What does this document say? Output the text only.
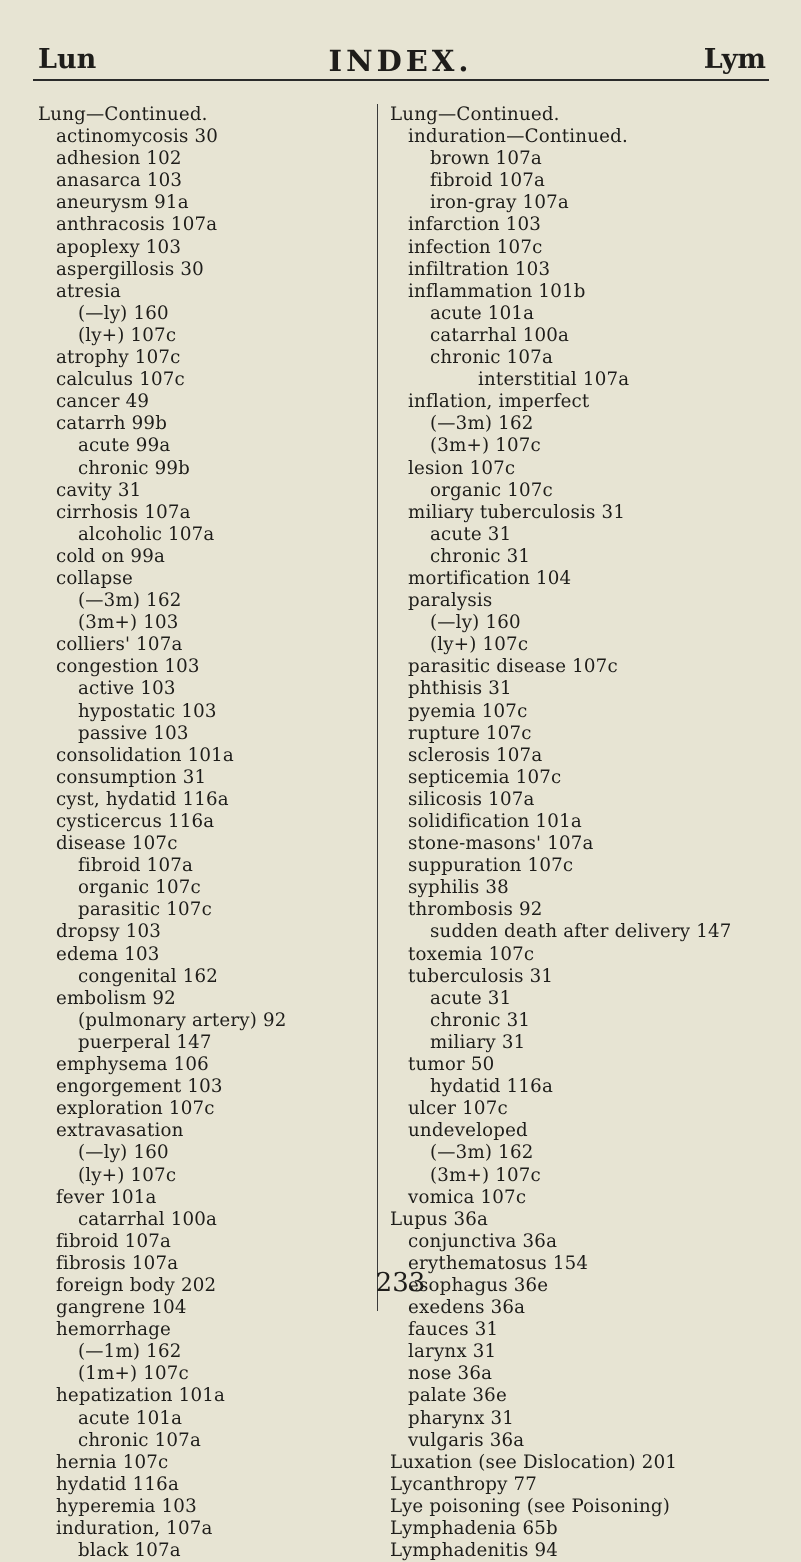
Lun	INDEX.	Lym
Lung—Continued.
actinomycosis 30
adhesion 102
anasarca 103
aneurysm 91a
anthracosis 107a
apoplexy 103
aspergillosis 30
atresia
(—ly) 160
(ly+) 107c
atrophy 107c
calculus 107c
cancer 49
catarrh 99b
acute 99a
chronic 99b
cavity 31
cirrhosis 107a
alcoholic 107a
cold on 99a
collapse
(—3m) 162
(3m+) 103
colliers' 107a
congestion 103
active 103
hypostatic 103
passive 103
consolidation 101a
consumption 31
cyst, hydatid 116a
cysticercus 116a
disease 107c
fibroid 107a
organic 107c
parasitic 107c
dropsy 103
edema 103
congenital 162
embolism 92
(pulmonary artery) 92
puerperal 147
emphysema 106
engorgement 103
exploration 107c
extravasation
(—ly) 160
(ly+) 107c
fever 101a
catarrhal 100a
fibroid 107a
fibrosis 107a
foreign body 202
gangrene 104
hemorrhage
(—1m) 162
(1m+) 107c
hepatization 101a
acute 101a
chronic 107a
hernia 107c
hydatid 116a
hyperemia 103
induration, 107a
black 107a
Lung—Continued.
induration—Continued.
brown 107a
fibroid 107a
iron-gray 107a
infarction 103
infection 107c
infiltration 103
inflammation 101b
acute 101a
catarrhal 100a
chronic 107a
interstitial 107a
inflation, imperfect
(—3m) 162
(3m+) 107c
lesion 107c
organic 107c
miliary tuberculosis 31
acute 31
chronic 31
mortification 104
paralysis
(—ly) 160
(ly+) 107c
parasitic disease 107c
phthisis 31
pyemia 107c
rupture 107c
sclerosis 107a
septicemia 107c
silicosis 107a
solidification 101a
stone-masons' 107a
suppuration 107c
syphilis 38
thrombosis 92
sudden death after delivery 147
toxemia 107c
tuberculosis 31
acute 31
chronic 31
miliary 31
tumor 50
hydatid 116a
ulcer 107c
undeveloped
(—3m) 162
(3m+) 107c
vomica 107c
Lupus 36a
conjunctiva 36a
erythematosus 154
esophagus 36e
exedens 36a
fauces 31
larynx 31
nose 36a
palate 36e
pharynx 31
vulgaris 36a
Luxation (see Dislocation) 201
Lycanthropy 77
Lye poisoning (see Poisoning)
Lymphadenia 65b
Lymphadenitis 94
233
